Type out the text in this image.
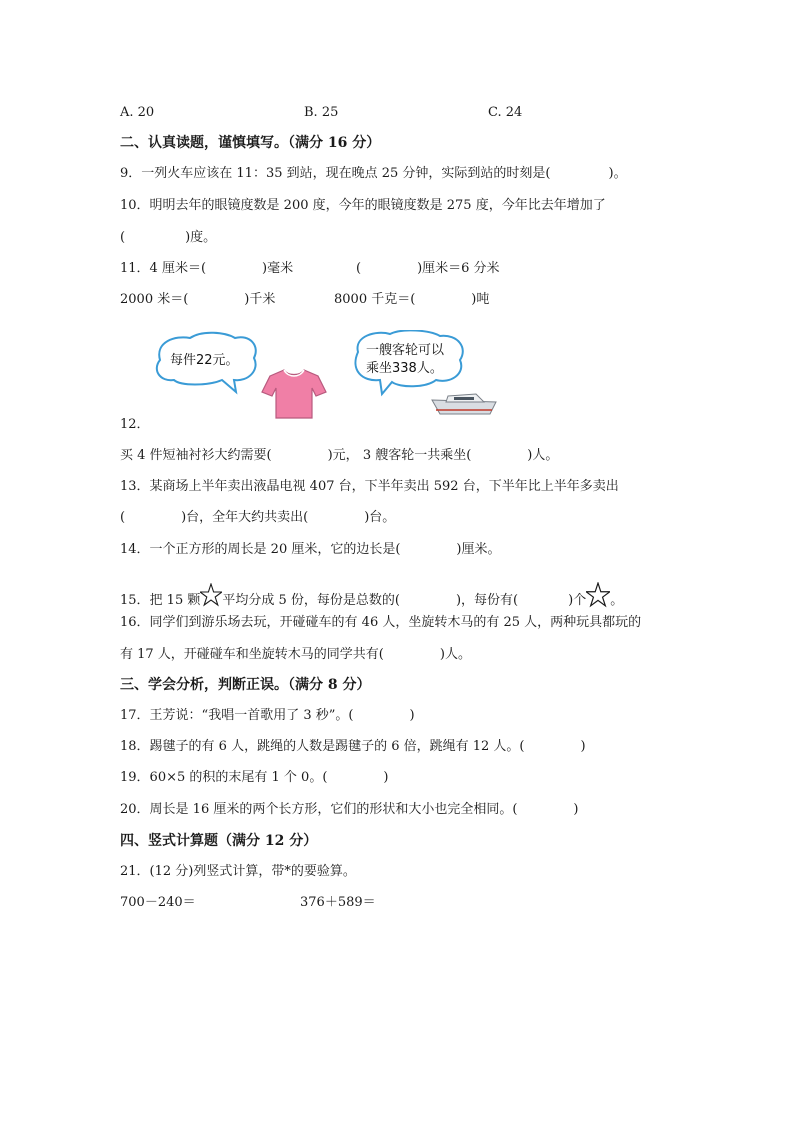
A. 20	B. 25	C. 24
二、认真读题，谨慎填写。（满分 16 分）
9．一列火车应该在 11：35 到站，现在晚点 25 分钟，实际到站的时刻是(	)。
10．明明去年的眼镜度数是 200 度，今年的眼镜度数是 275 度，今年比去年增加了
(	)度。
11．4 厘米＝(	)毫米	(	)厘米＝6 分米
2000 米＝(	)千米	8000 千克＝(	)吨
每件22元。
一艘客轮可以
乘坐338人。
12．
买 4 件短袖衬衫大约需要(	)元， 3 艘客轮一共乘坐(	)人。
13．某商场上半年卖出液晶电视 407 台，下半年卖出 592 台，下半年比上半年多卖出
(	)台，全年大约共卖出(	)台。
14．一个正方形的周长是 20 厘米，它的边长是(	)厘米。
15．把 15 颗 平均分成 5 份，每份是总数的(	)，每份有(	)个 。
16．同学们到游乐场去玩，开碰碰车的有 46 人，坐旋转木马的有 25 人，两种玩具都玩的
有 17 人，开碰碰车和坐旋转木马的同学共有(	)人。
三、学会分析，判断正误。（满分 8 分）
17．王芳说：“我唱一首歌用了 3 秒”。(	)
18．踢毽子的有 6 人，跳绳的人数是踢毽子的 6 倍，跳绳有 12 人。(	)
19．60×5 的积的末尾有 1 个 0。(	)
20．周长是 16 厘米的两个长方形，它们的形状和大小也完全相同。(	)
四、竖式计算题（满分 12 分）
21．(12 分)列竖式计算，带*的要验算。
700－240＝	376＋589＝
